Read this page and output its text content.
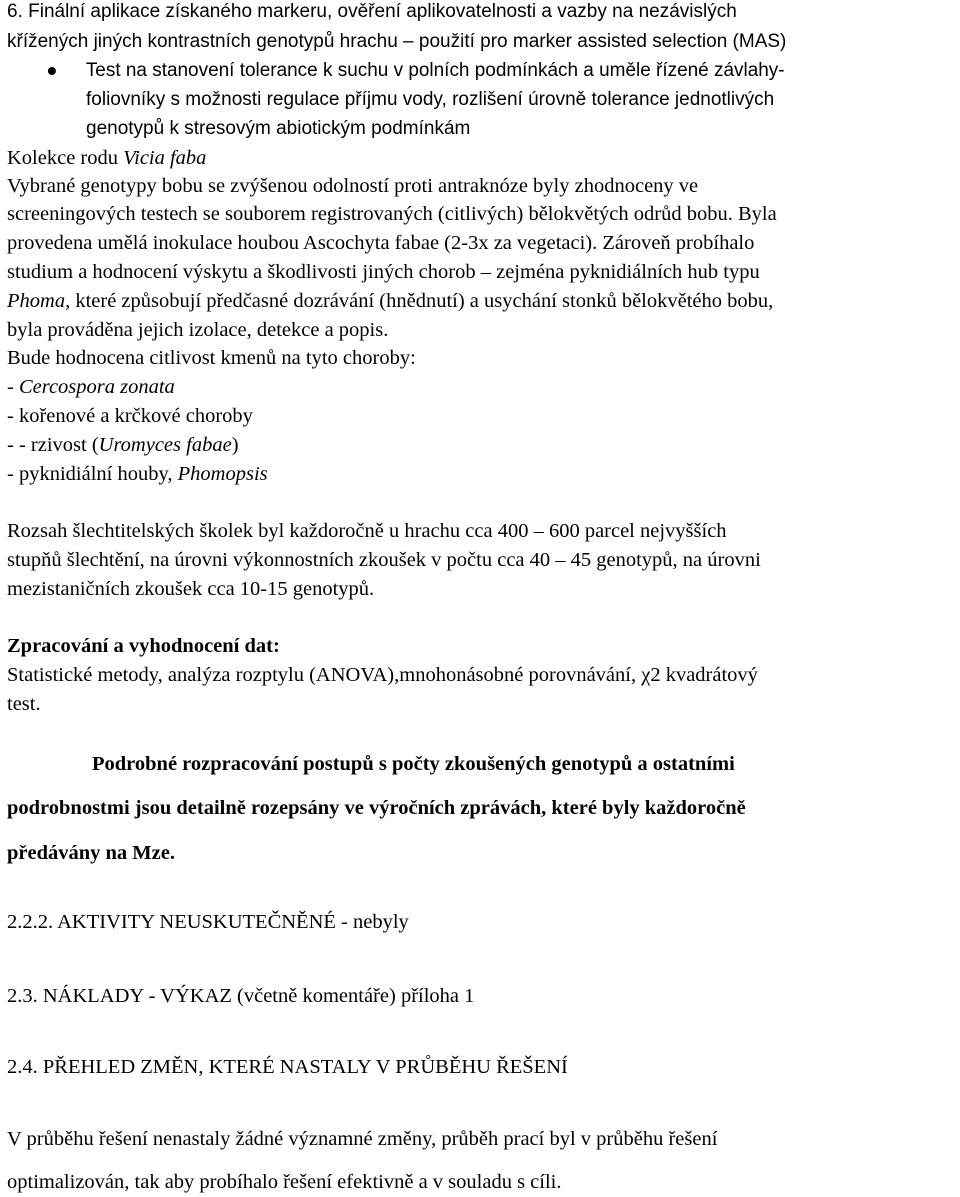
6. Finální aplikace získaného markeru, ověření aplikovatelnosti a vazby na nezávislých
křížených jiných kontrastních genotypů hrachu – použití pro marker assisted selection (MAS)
Test na stanovení tolerance k suchu v polních podmínkách a uměle řízené závlahy-
foliovníky s možnosti regulace příjmu vody, rozlišení úrovně tolerance jednotlivých
genotypů k stresovým abiotickým podmínkám
Kolekce rodu Vicia faba
Vybrané genotypy bobu se zvýšenou odolností proti antraknóze byly zhodnoceny ve
screeningových testech se souborem registrovaných (citlivých) bělokvětých odrůd bobu. Byla
provedena umělá inokulace houbou Ascochyta fabae (2-3x za vegetaci). Zároveň probíhalo
studium a hodnocení výskytu a škodlivosti jiných chorob – zejména pyknidiálních hub typu
Phoma, které způsobují předčasné dozrávání (hnědnutí) a usychání stonků bělokvětého bobu,
byla prováděna jejich izolace, detekce a popis.
Bude hodnocena citlivost kmenů na tyto choroby:
- Cercospora zonata
- kořenové a krčkové choroby
- - rzivost (Uromyces fabae)
- pyknidiální houby, Phomopsis
Rozsah šlechtitelských školek byl každoročně u hrachu cca 400 – 600 parcel nejvyšších
stupňů šlechtění, na úrovni výkonnostních zkoušek v počtu cca 40 – 45 genotypů, na úrovni
mezistaničních zkoušek cca 10-15 genotypů.
Zpracování a vyhodnocení dat:
Statistické metody, analýza rozptylu (ANOVA),mnohonásobné porovnávání, χ2 kvadrátový
test.
Podrobné rozpracování postupů s počty zkoušených genotypů a ostatními
podrobnostmi jsou detailně rozepsány ve výročních zprávách, které byly každoročně
předávány na Mze.
2.2.2. AKTIVITY NEUSKUTEČNĚNÉ - nebyly
2.3. NÁKLADY - VÝKAZ (včetně komentáře) příloha 1
2.4. PŘEHLED ZMĚN, KTERÉ NASTALY V PRŮBĚHU ŘEŠENÍ
V průběhu řešení nenastaly žádné významné změny, průběh prací byl v průběhu řešení
optimalizován, tak aby probíhalo řešení efektivně a v souladu s cíli.
